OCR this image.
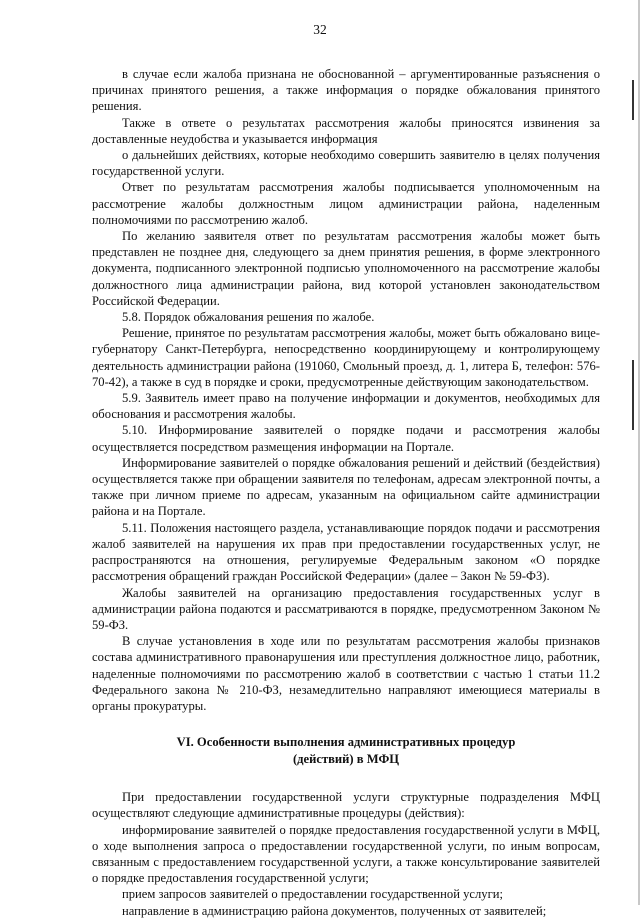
32

в случае если жалоба признана не обоснованной – аргументированные разъяснения о причинах принятого решения, а также информация о порядке обжалования принятого решения.

Также в ответе о результатах рассмотрения жалобы приносятся извинения за доставленные неудобства и указывается информация

о дальнейших действиях, которые необходимо совершить заявителю в целях получения государственной услуги.

Ответ по результатам рассмотрения жалобы подписывается уполномоченным на рассмотрение жалобы должностным лицом администрации района, наделенным полномочиями по рассмотрению жалоб.

По желанию заявителя ответ по результатам рассмотрения жалобы может быть представлен не позднее дня, следующего за днем принятия решения, в форме электронного документа, подписанного электронной подписью уполномоченного на рассмотрение жалобы должностного лица администрации района, вид которой установлен законодательством Российской Федерации.

5.8. Порядок обжалования решения по жалобе.

Решение, принятое по результатам рассмотрения жалобы, может быть обжаловано вице-губернатору Санкт-Петербурга, непосредственно координирующему и контролирующему деятельность администрации района (191060, Смольный проезд, д. 1, литера Б, телефон: 576-70-42), а также в суд в порядке и сроки, предусмотренные действующим законодательством.

5.9. Заявитель имеет право на получение информации и документов, необходимых для обоснования и рассмотрения жалобы.

5.10. Информирование заявителей о порядке подачи и рассмотрения жалобы осуществляется посредством размещения информации на Портале.

Информирование заявителей о порядке обжалования решений и действий (бездействия) осуществляется также при обращении заявителя по телефонам, адресам электронной почты, а также при личном приеме по адресам, указанным на официальном сайте администрации района и на Портале.

5.11. Положения настоящего раздела, устанавливающие порядок подачи и рассмотрения жалоб заявителей на нарушения их прав при предоставлении государственных услуг, не распространяются на отношения, регулируемые Федеральным законом «О порядке рассмотрения обращений граждан Российской Федерации» (далее – Закон № 59-ФЗ).

Жалобы заявителей на организацию предоставления государственных услуг в администрации района подаются и рассматриваются в порядке, предусмотренном Законом № 59-ФЗ.

В случае установления в ходе или по результатам рассмотрения жалобы признаков состава административного правонарушения или преступления должностное лицо, работник, наделенные полномочиями по рассмотрению жалоб в соответствии с частью 1 статьи 11.2 Федерального закона № 210-ФЗ, незамедлительно направляют имеющиеся материалы в органы прокуратуры.

VI. Особенности выполнения административных процедур
(действий) в МФЦ

При предоставлении государственной услуги структурные подразделения МФЦ осуществляют следующие административные процедуры (действия):

информирование заявителей о порядке предоставления государственной услуги в МФЦ, о ходе выполнения запроса о предоставлении государственной услуги, по иным вопросам, связанным с предоставлением государственной услуги, а также консультирование заявителей о порядке предоставления государственной услуги;

прием запросов заявителей о предоставлении государственной услуги;

направление в администрацию района документов, полученных от заявителей;
